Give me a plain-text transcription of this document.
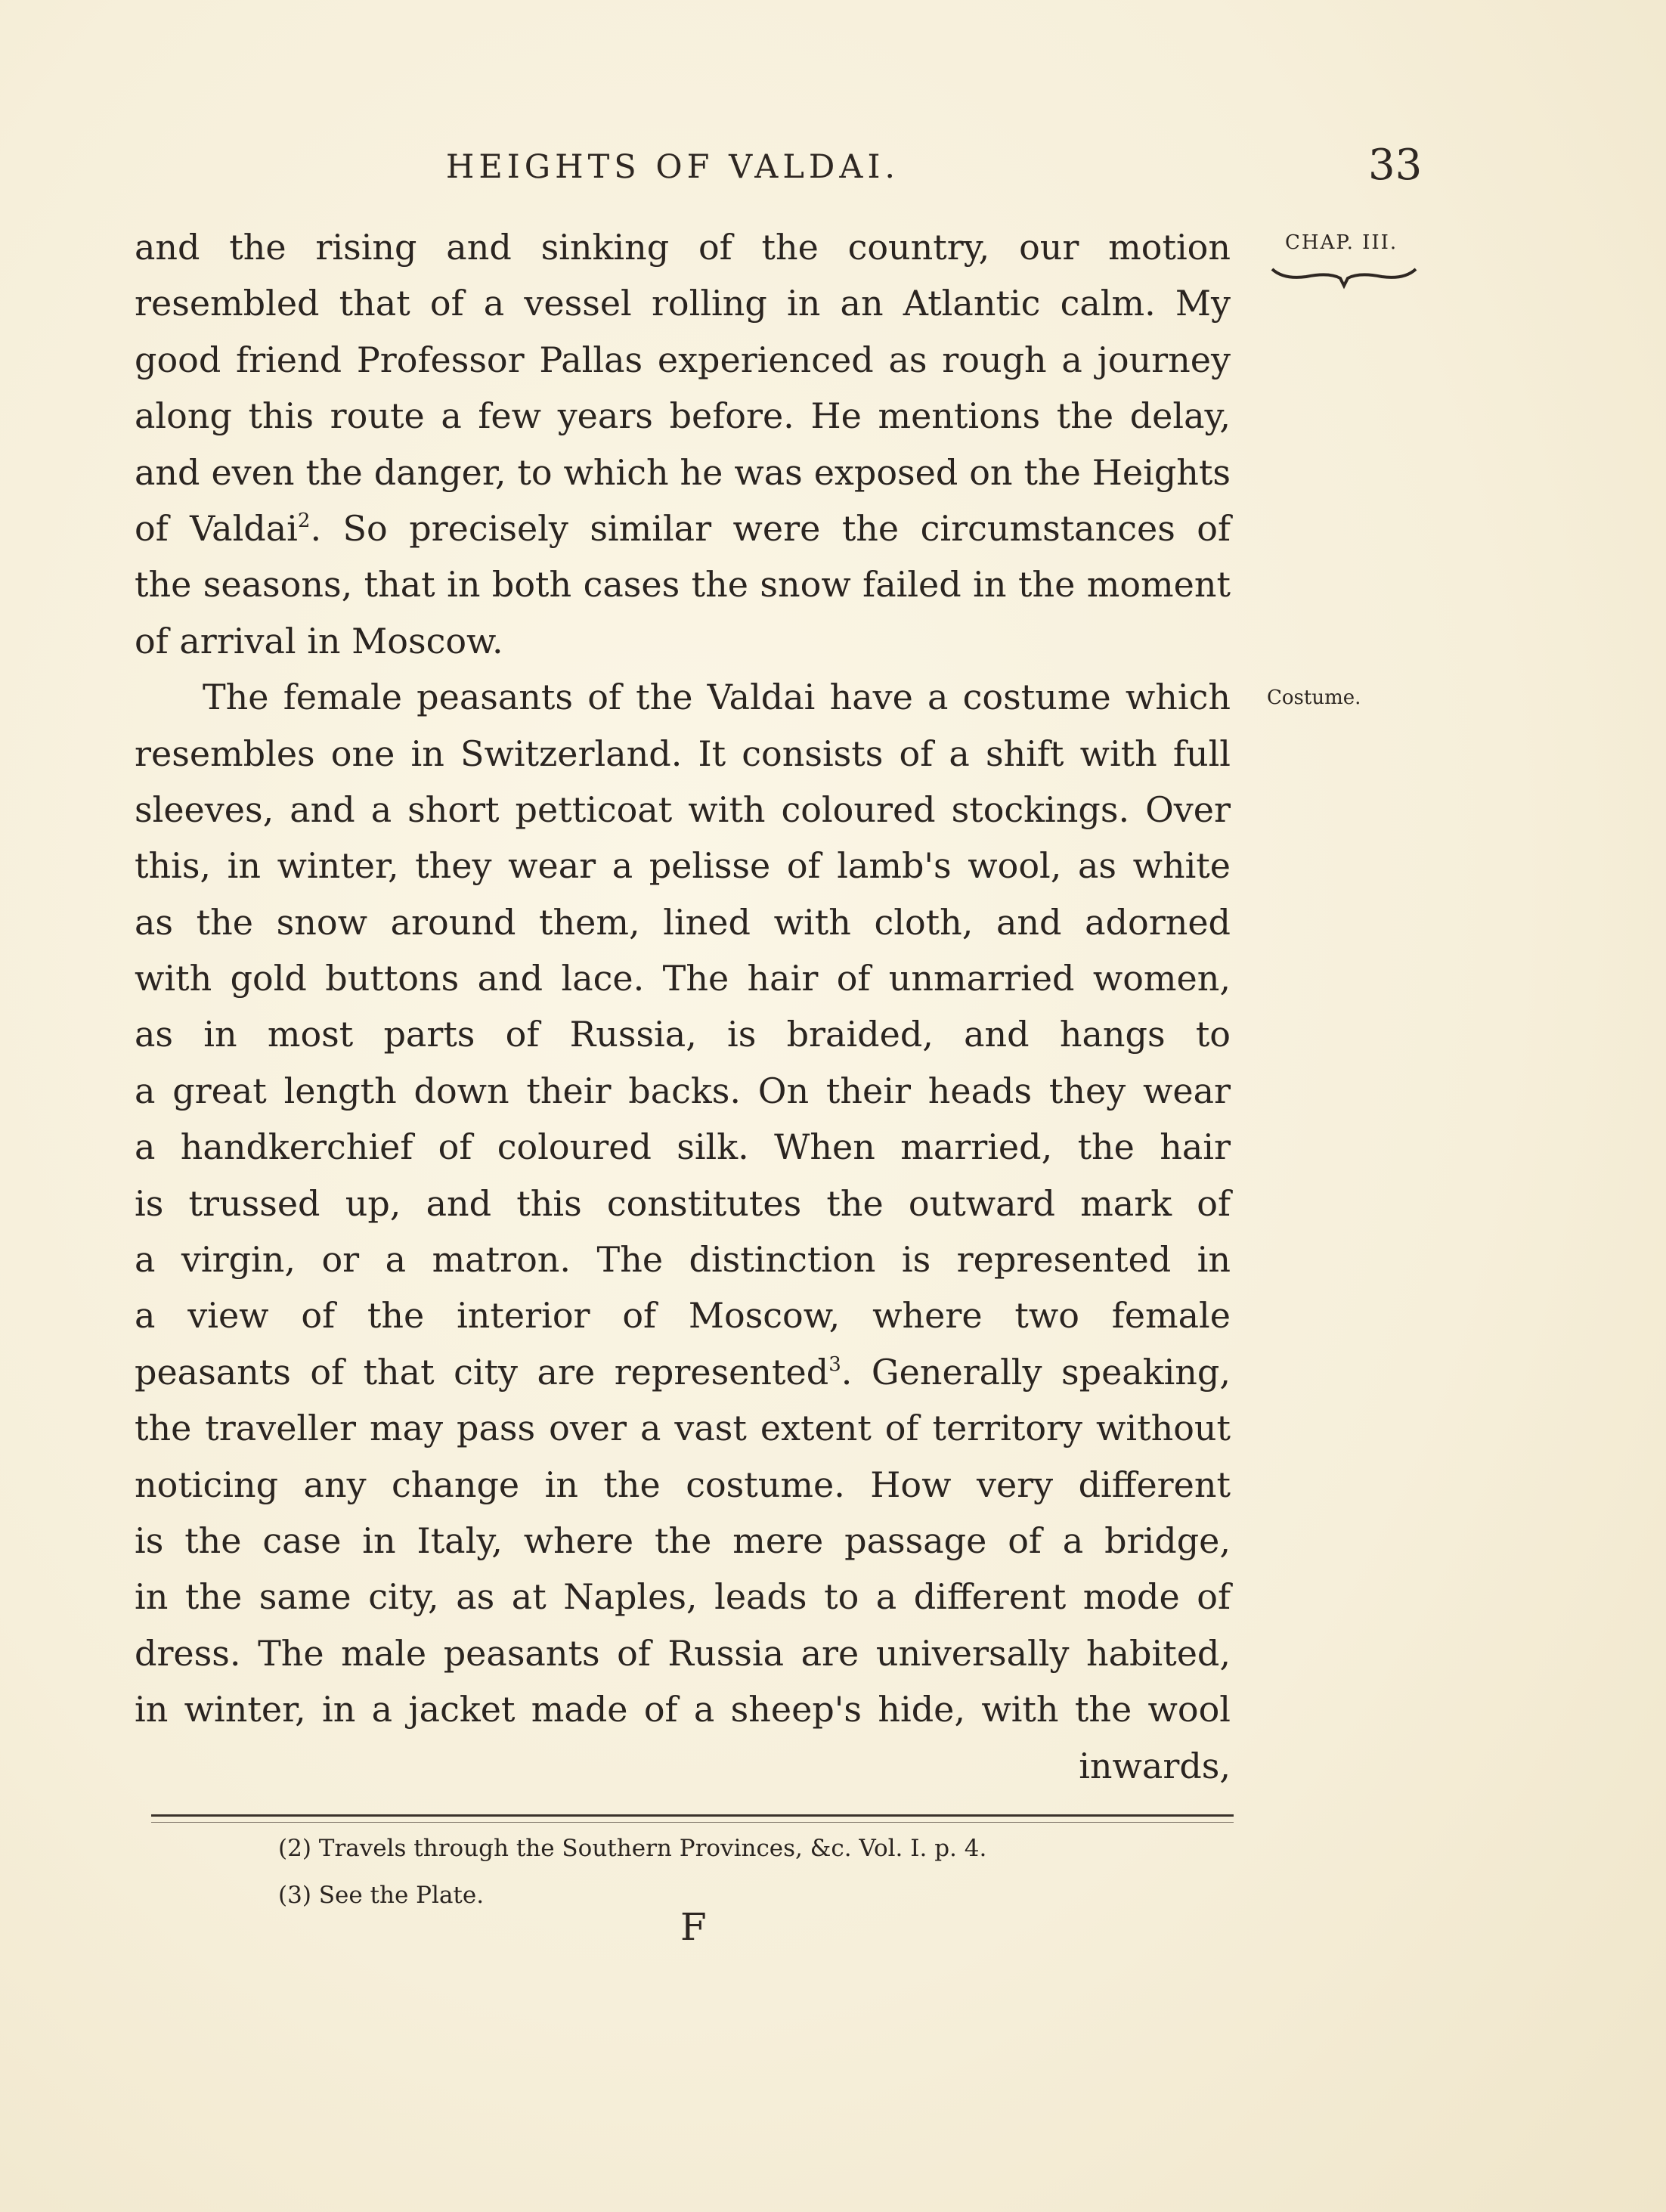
HEIGHTS OF VALDAI.	33
CHAP. III.
Costume.
and the rising and sinking of the country, our motion
resembled that of a vessel rolling in an Atlantic calm. My
good friend Professor Pallas experienced as rough a journey
along this route a few years before. He mentions the delay,
and even the danger, to which he was exposed on the Heights
of Valdai$^2$. So precisely similar were the circumstances of
the seasons, that in both cases the snow failed in the moment
of arrival in Moscow.
The female peasants of the Valdai have a costume which
resembles one in Switzerland. It consists of a shift with full
sleeves, and a short petticoat with coloured stockings. Over
this, in winter, they wear a pelisse of lamb's wool, as white
as the snow around them, lined with cloth, and adorned
with gold buttons and lace. The hair of unmarried women,
as in most parts of Russia, is braided, and hangs to
a great length down their backs. On their heads they wear
a handkerchief of coloured silk. When married, the hair
is trussed up, and this constitutes the outward mark of
a virgin, or a matron. The distinction is represented in
a view of the interior of Moscow, where two female
peasants of that city are represented$^3$. Generally speaking,
the traveller may pass over a vast extent of territory without
noticing any change in the costume. How very different
is the case in Italy, where the mere passage of a bridge,
in the same city, as at Naples, leads to a different mode of
dress. The male peasants of Russia are universally habited,
in winter, in a jacket made of a sheep's hide, with the wool
inwards,
(2) Travels through the Southern Provinces, &c. Vol. I. p. 4.
(3) See the Plate.
F
